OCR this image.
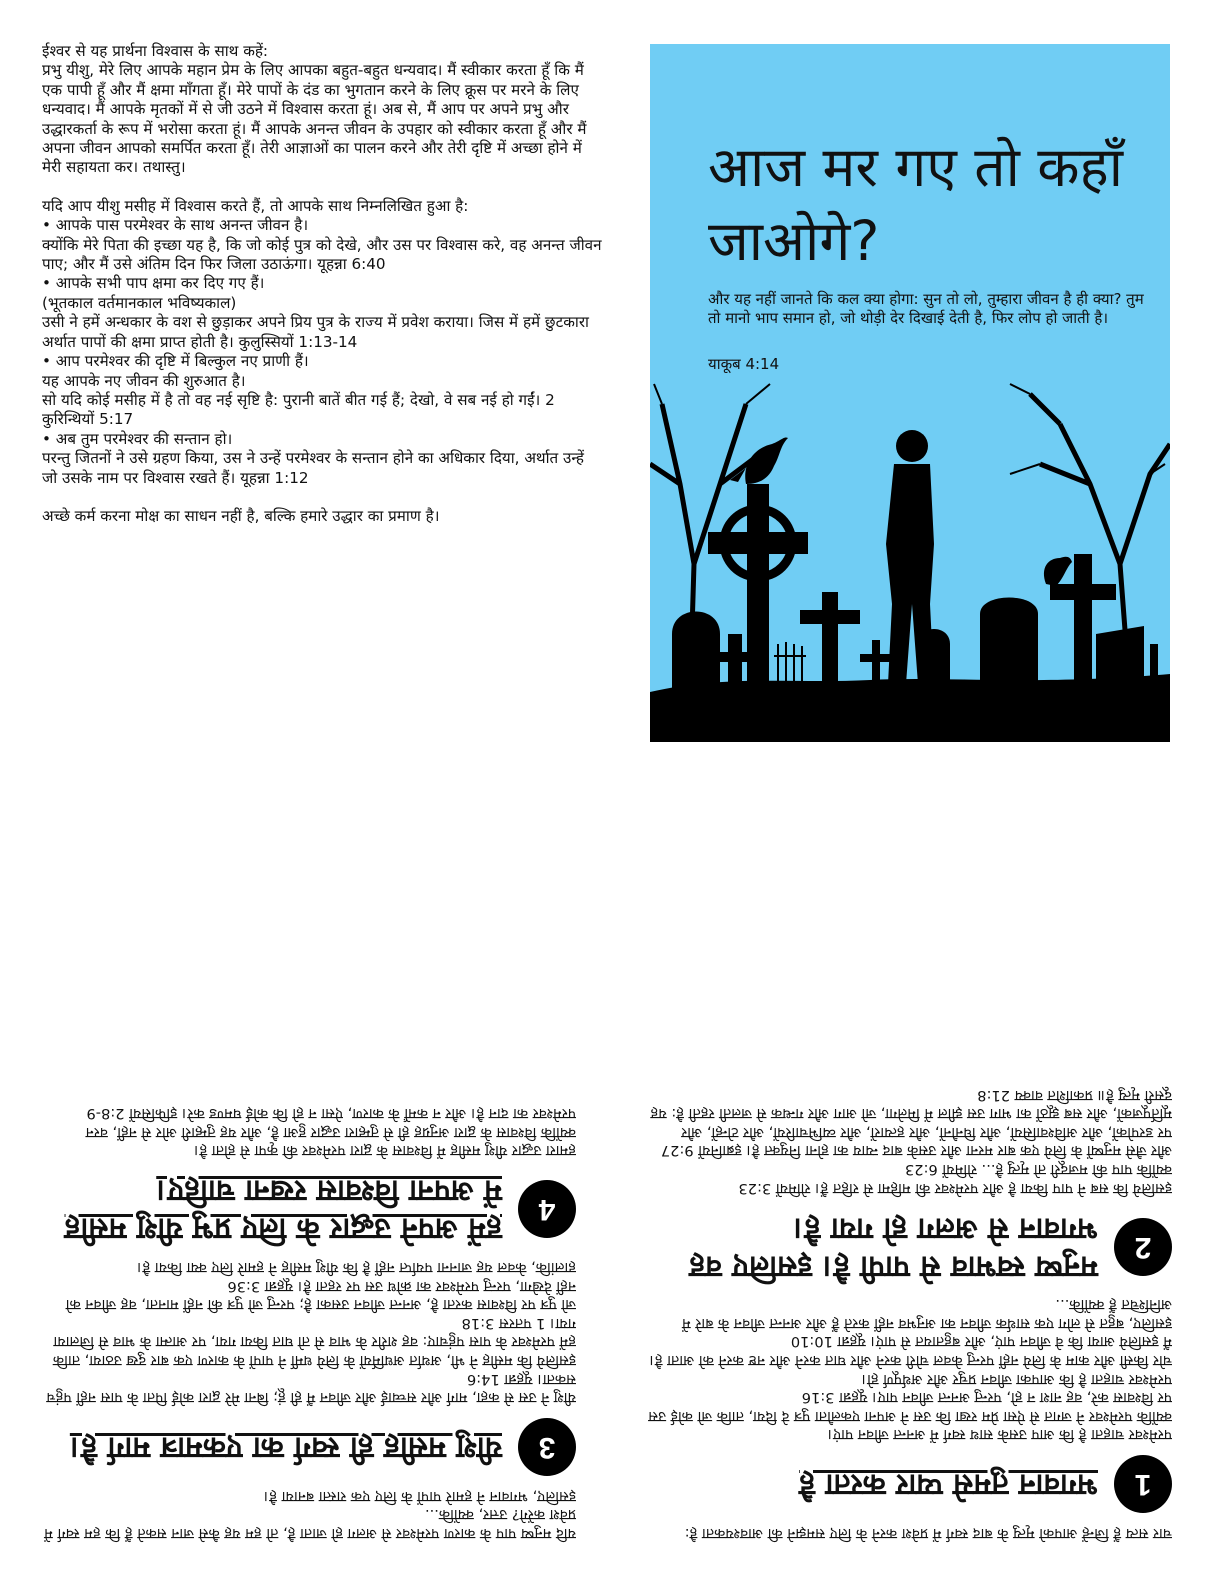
ईश्वर से यह प्रार्थना विश्वास के साथ कहें:

प्रभु यीशु, मेरे लिए आपके महान प्रेम के लिए आपका बहुत-बहुत धन्यवाद। मैं स्वीकार करता हूँ कि मैं एक पापी हूँ और मैं क्षमा माँगता हूँ। मेरे पापों के दंड का भुगतान करने के लिए क्रूस पर मरने के लिए धन्यवाद। मैं आपके मृतकों में से जी उठने में विश्वास करता हूं। अब से, मैं आप पर अपने प्रभु और उद्धारकर्ता के रूप में भरोसा करता हूं। मैं आपके अनन्त जीवन के उपहार को स्वीकार करता हूँ और मैं अपना जीवन आपको समर्पित करता हूँ। तेरी आज्ञाओं का पालन करने और तेरी दृष्टि में अच्छा होने में मेरी सहायता कर। तथास्तु।

यदि आप यीशु मसीह में विश्वास करते हैं, तो आपके साथ निम्नलिखित हुआ है:

• आपके पास परमेश्वर के साथ अनन्त जीवन है।

क्योंकि मेरे पिता की इच्छा यह है, कि जो कोई पुत्र को देखे, और उस पर विश्वास करे, वह अनन्त जीवन पाए; और मैं उसे अंतिम दिन फिर जिला उठाऊंगा। यूहन्ना 6:40

• आपके सभी पाप क्षमा कर दिए गए हैं।

(भूतकाल वर्तमानकाल भविष्यकाल)

उसी ने हमें अन्धकार के वश से छुड़ाकर अपने प्रिय पुत्र के राज्य में प्रवेश कराया। जिस में हमें छुटकारा अर्थात पापों की क्षमा प्राप्त होती है। कुलुस्सियों 1:13-14

• आप परमेश्वर की दृष्टि में बिल्कुल नए प्राणी हैं।

यह आपके नए जीवन की शुरुआत है।

सो यदि कोई मसीह में है तो वह नई सृष्टि है: पुरानी बातें बीत गई हैं; देखो, वे सब नई हो गईं। 2 कुरिन्थियों 5:17

• अब तुम परमेश्वर की सन्तान हो।

परन्तु जितनों ने उसे ग्रहण किया, उस ने उन्हें परमेश्वर के सन्तान होने का अधिकार दिया, अर्थात उन्हें जो उसके नाम पर विश्वास रखते हैं। यूहन्ना 1:12

अच्छे कर्म करना मोक्ष का साधन नहीं है, बल्कि हमारे उद्धार का प्रमाण है।

आज मर गए तो कहाँ जाओगे?
और यह नहीं जानते कि कल क्या होगा: सुन तो लो, तुम्हारा जीवन है ही क्या? तुम तो मानो भाप समान हो, जो थोड़ी देर दिखाई देती है, फिर लोप हो जाती है।
याकूब 4:14
चार सत्य हैं जिन्हें आपको मृत्यु के बाद स्वर्ग में प्रवेश करने के लिए समझने की आवश्यकता है:
1
भगवान तुमसे प्यार करता है

परमेश्वर चाहता है कि आप उसके साथ स्वर्ग में अनन्त जीवन पाएं।

क्योंकि परमेश्वर ने जगत से ऐसा प्रेम रखा कि उस ने अपना एकलौता पुत्र दे दिया, ताकि जो कोई उस पर विश्वास करे, वह नाश न हो, परन्तु अनन्त जीवन पाए। यूहन्ना 3:16

परमेश्वर चाहता है कि आपका जीवन प्रचुर और अर्थपूर्ण हो।

चोर किसी और काम के लिये नहीं परन्तु केवल चोरी करने और घात करने और नष्ट करने को आता है। मैं इसलिये आया कि वे जीवन पाएं, और बहुतायत से पाएं। यूहन्ना 10:10

इसलिए, बहुत से लोग एक सार्थक जीवन का अनुभव नहीं करते हैं और अनन्त जीवन के बारे में अनिश्चित हैं क्योंकि...

2
मनुष्य स्वभाव से पापी है। इसलिए वह भगवान से अलग हो गया है।

इसलिये कि सब ने पाप किया है और परमेश्वर की महिमा से रहित हैं। रोमियों 3:23

क्योंकि पाप की मजदूरी तो मृत्यु है... रोमियों 6:23

और जैसे मनुष्यों के लिये एक बार मरना और उसके बाद न्याय का होना नियुक्त है। इब्रानियों 9:27

पर डरपोकों, और अविश्वासियों, और घिनौनों, और हत्यारों, और व्यभिचारियों, और टोन्हों, और मूर्तिपूजकों, और सब झूठों का भाग उस झील में मिलेगा, जो आग और गन्धक से जलती रहती है: यह दूसरी मृत्यु है॥ प्रकाशित वाक्य 21:8

यदि मनुष्य पाप के कारण परमेश्वर से अलग हो जाता है, तो हम यह कैसे जान सकते हैं कि हम स्वर्ग में प्रवेश करेंगे? उत्तर, क्योंकि...

इसलिए, भगवान ने हमारे पापों के लिए एक रास्ता बनाया है।

3
यीशु मसीह ही स्वर्ग का एकमात्र मार्ग है।

यीशु ने उस से कहा, मार्ग और सच्चाई और जीवन मैं ही हूं; बिना मेरे द्वारा कोई पिता के पास नहीं पहुंच सकता। यूहन्ना 14:6

इसलिये कि मसीह ने भी, अर्थात अधर्मियों के लिये धर्मी ने पापों के कारण एक बार दुख उठाया, ताकि हमें परमेश्वर के पास पहुंचाए: वह शरीर के भाव से तो घात किया गया, पर आत्मा के भाव से जिलाया गया। 1 पतरस 3:18

जो पुत्र पर विश्वास करता है, अनन्त जीवन उसका है; परन्तु जो पुत्र की नहीं मानता, वह जीवन को नहीं देखेगा, परन्तु परमेश्वर का क्रोध उस पर रहता है। यूहन्ना 3:36

हालांकि, केवल यह जानना पर्याप्त नहीं है कि यीशु मसीह ने हमारे लिए क्या किया है।

4
हमें अपने उद्धार के लिए प्रभु यीशु मसीह में अपना विश्वास रखना चाहिए।

हमारा उद्धार यीशु मसीह में विश्वास के द्वारा परमेश्वर की कृपा से होता है।

क्योंकि विश्वास के द्वारा अनुग्रह ही से तुम्हारा उद्धार हुआ है, और यह तुम्हारी ओर से नहीं, वरन परमेश्वर का दान है। और न कर्मों के कारण, ऐसा न हो कि कोई घमण्ड करे। इफिसियों 2:8-9
